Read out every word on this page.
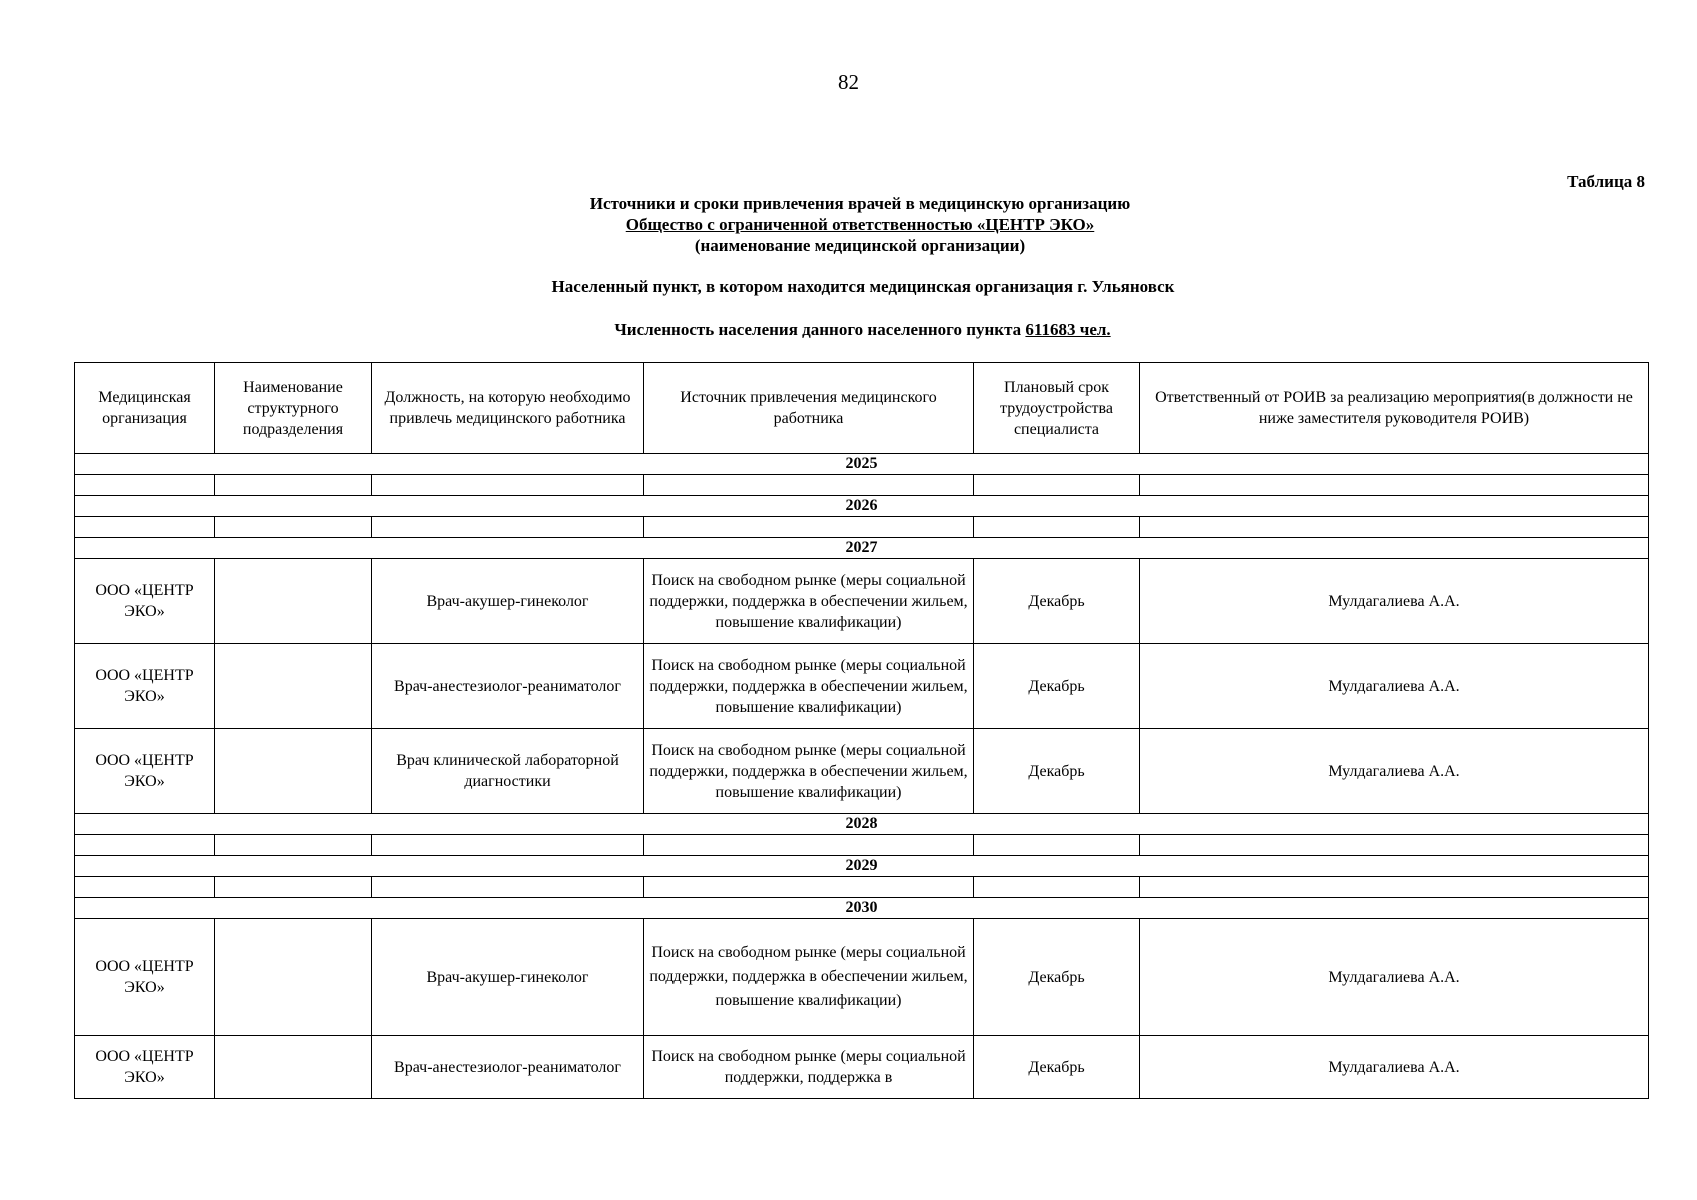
82
Таблица 8
Источники и сроки привлечения врачей в медицинскую организацию
Общество с ограниченной ответственностью «ЦЕНТР ЭКО»
(наименование медицинской организации)
Населенный пункт, в котором находится медицинская организация г. Ульяновск
Численность населения данного населенного пункта 611683 чел.
Медицинская организация	Наименование структурного подразделения	Должность, на которую необходимо привлечь медицинского работника	Источник привлечения медицинского работника	Плановый срок трудоустройства специалиста	Ответственный от РОИВ за реализацию мероприятия(в должности не ниже заместителя руководителя РОИВ)
2025					

2026					

2027					
ООО «ЦЕНТР ЭКО»		Врач-акушер-гинеколог	Поиск на свободном рынке (меры социальной поддержки, поддержка в обеспечении жильем, повышение квалификации)	Декабрь	Мулдагалиева А.А.
ООО «ЦЕНТР ЭКО»		Врач-анестезиолог-реаниматолог	Поиск на свободном рынке (меры социальной поддержки, поддержка в обеспечении жильем, повышение квалификации)	Декабрь	Мулдагалиева А.А.
ООО «ЦЕНТР ЭКО»		Врач клинической лабораторной диагностики	Поиск на свободном рынке (меры социальной поддержки, поддержка в обеспечении жильем, повышение квалификации)	Декабрь	Мулдагалиева А.А.
2028					

2029					

2030					
ООО «ЦЕНТР ЭКО»		Врач-акушер-гинеколог	Поиск на свободном рынке (меры социальной поддержки, поддержка в обеспечении жильем, повышение квалификации)	Декабрь	Мулдагалиева А.А.
ООО «ЦЕНТР ЭКО»		Врач-анестезиолог-реаниматолог	Поиск на свободном рынке (меры социальной поддержки, поддержка в	Декабрь	Мулдагалиева А.А.
